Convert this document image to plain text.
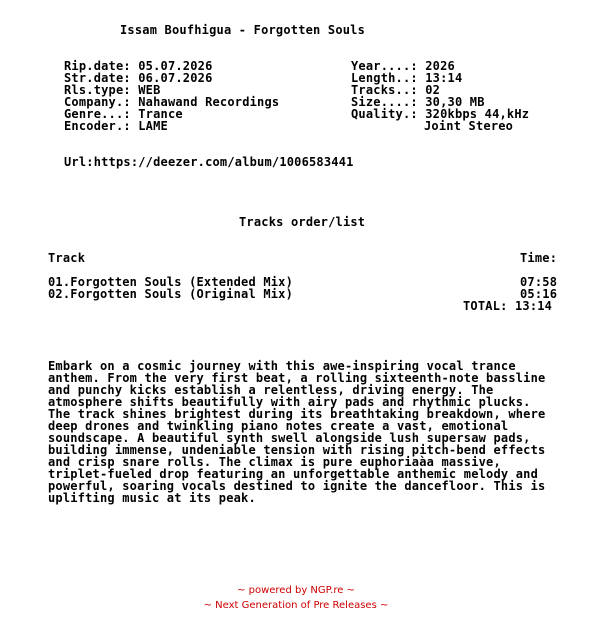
Issam Boufhigua - Forgotten Souls
Rip.date: 05.07.2026
Str.date: 06.07.2026
Rls.type: WEB
Company.: Nahawand Recordings
Genre...: Trance
Encoder.: LAME
Year....: 2026
Length..: 13:14
Tracks..: 02
Size....: 30,30 MB
Quality.: 320kbps 44,kHz
Joint Stereo
Url:https://deezer.com/album/1006583441
Tracks order/list
Track	Time:
01.Forgotten Souls (Extended Mix)	07:58
02.Forgotten Souls (Original Mix)	05:16
TOTAL: 13:14
Embark on a cosmic journey with this awe-inspiring vocal trance
anthem. From the very first beat, a rolling sixteenth-note bassline
and punchy kicks establish a relentless, driving energy. The
atmosphere shifts beautifully with airy pads and rhythmic plucks.
The track shines brightest during its breathtaking breakdown, where
deep drones and twinkling piano notes create a vast, emotional
soundscape. A beautiful synth swell alongside lush supersaw pads,
building immense, undeniable tension with rising pitch-bend effects
and crisp snare rolls. The climax is pure euphoriaàa massive,
triplet-fueled drop featuring an unforgettable anthemic melody and
powerful, soaring vocals destined to ignite the dancefloor. This is
uplifting music at its peak.
~ powered by NGP.re ~
~ Next Generation of Pre Releases ~
